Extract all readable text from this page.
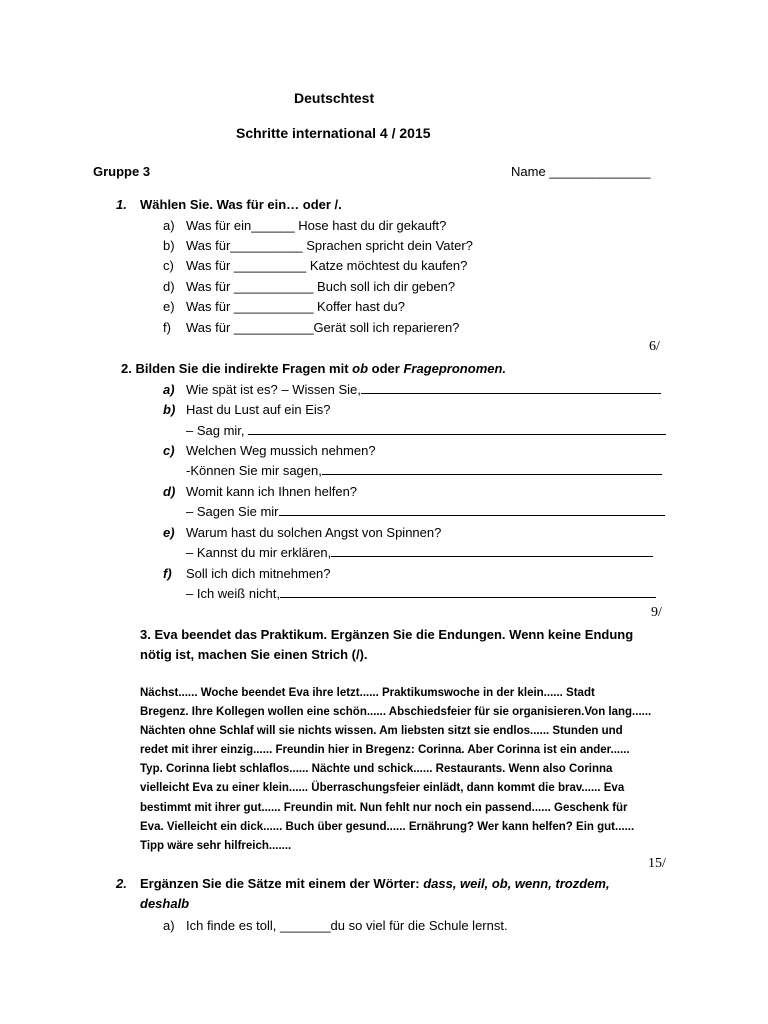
Deutschtest
Schritte international 4 / 2015
Gruppe 3	Name ______________
1. Wählen Sie. Was für ein… oder /.
a) Was für ein______ Hose hast du dir gekauft?
b) Was für__________ Sprachen spricht dein Vater?
c) Was für __________ Katze möchtest du kaufen?
d) Was für ___________ Buch soll ich dir geben?
e) Was für ___________ Koffer hast du?
f) Was für ___________Gerät soll ich reparieren?
6/
2. Bilden Sie die indirekte Fragen mit ob oder Fragepronomen.
a) Wie spät ist es? – Wissen Sie,
b) Hast du Lust auf ein Eis?
– Sag mir,
c) Welchen Weg mussich nehmen?
-Können Sie mir sagen,
d) Womit kann ich Ihnen helfen?
– Sagen Sie mir
e) Warum hast du solchen Angst von Spinnen?
– Kannst du mir erklären,
f) Soll ich dich mitnehmen?
– Ich weiß nicht,
9/
3. Eva beendet das Praktikum. Ergänzen Sie die Endungen. Wenn keine Endung
nötig ist, machen Sie einen Strich (/).
Nächst...... Woche beendet Eva ihre letzt...... Praktikumswoche in der klein...... Stadt
Bregenz. Ihre Kollegen wollen eine schön...... Abschiedsfeier für sie organisieren.Von lang......
Nächten ohne Schlaf will sie nichts wissen. Am liebsten sitzt sie endlos...... Stunden und
redet mit ihrer einzig...... Freundin hier in Bregenz: Corinna. Aber Corinna ist ein ander......
Typ. Corinna liebt schlaflos...... Nächte und schick...... Restaurants. Wenn also Corinna
vielleicht Eva zu einer klein...... Überraschungsfeier einlädt, dann kommt die brav...... Eva
bestimmt mit ihrer gut...... Freundin mit. Nun fehlt nur noch ein passend...... Geschenk für
Eva. Vielleicht ein dick...... Buch über gesund...... Ernährung? Wer kann helfen? Ein gut......
Tipp wäre sehr hilfreich.......
15/
2. Ergänzen Sie die Sätze mit einem der Wörter: dass, weil, ob, wenn, trozdem,
deshalb
a) Ich finde es toll, _______du so viel für die Schule lernst.
